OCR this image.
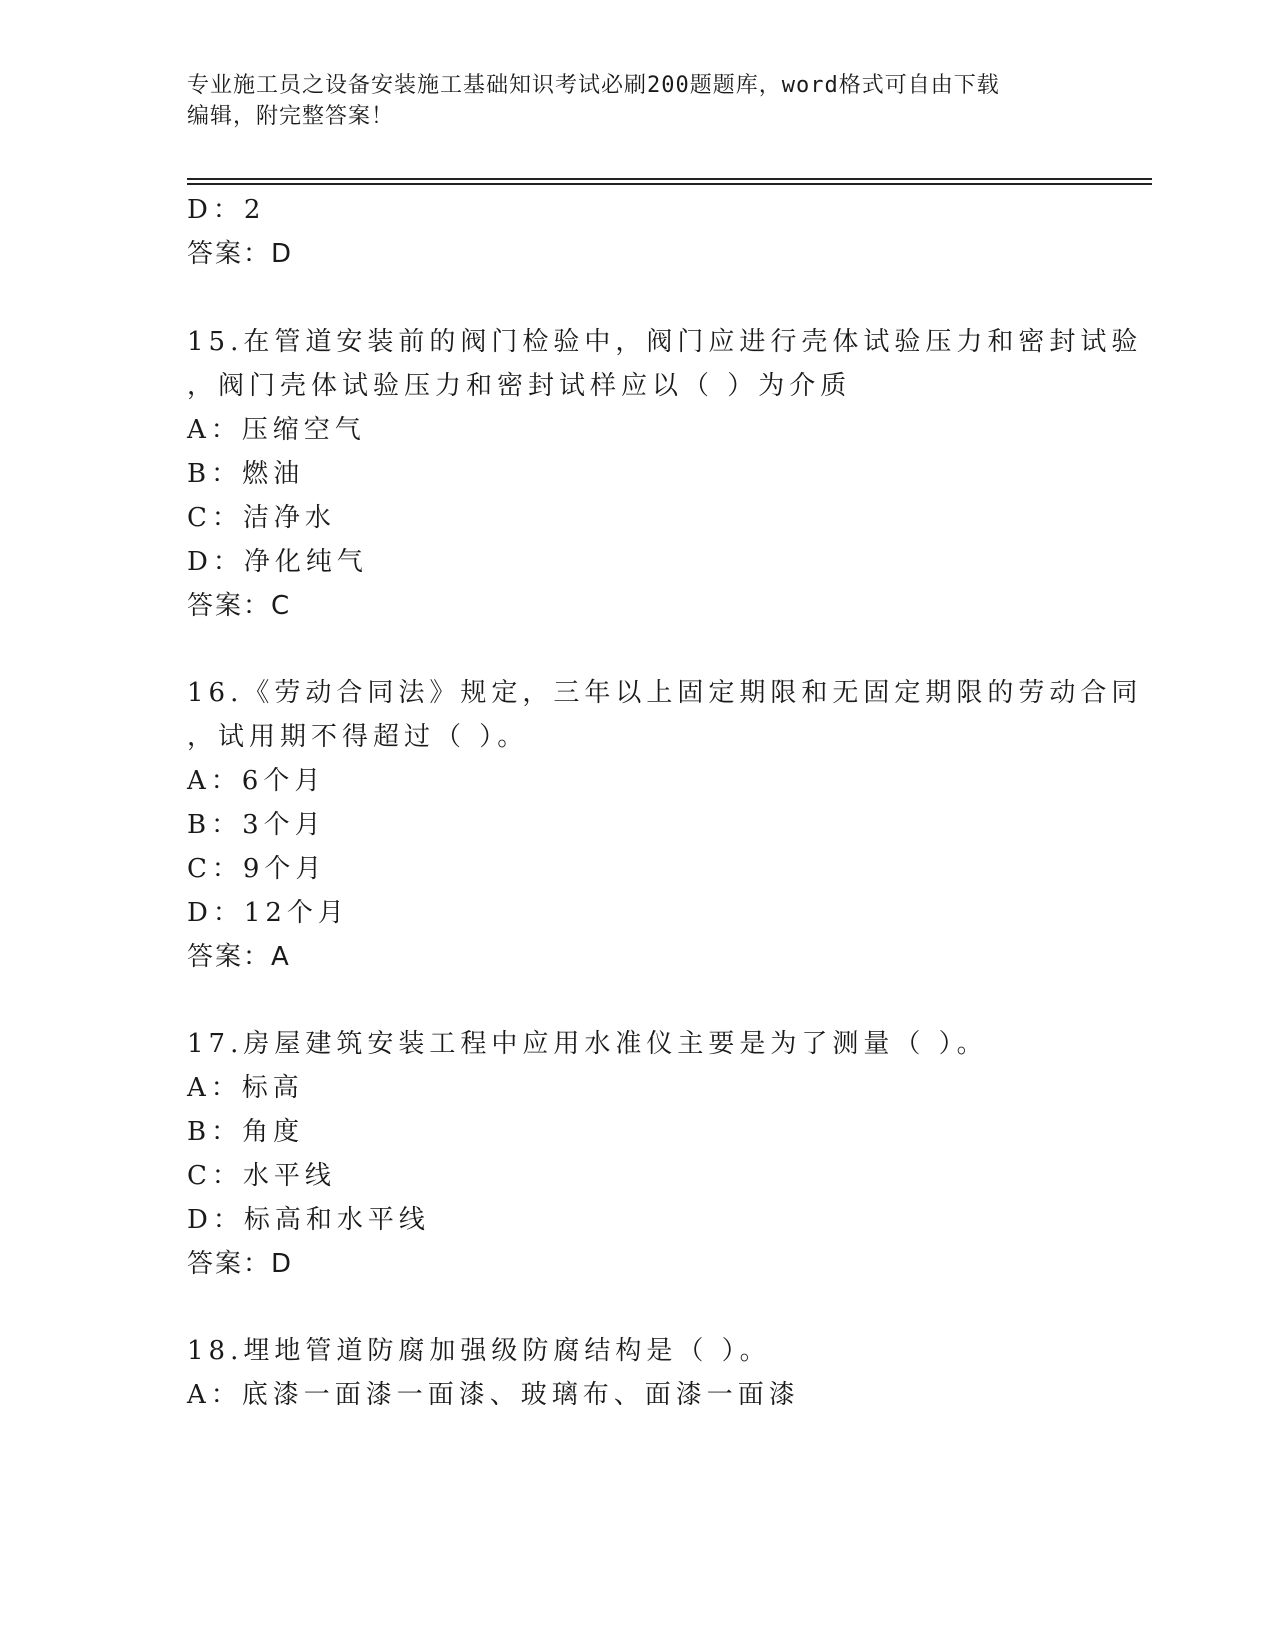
专业施工员之设备安装施工基础知识考试必刷200题题库，word格式可自由下载
编辑，附完整答案！
D：2
答案：D
15.在管道安装前的阀门检验中，阀门应进行壳体试验压力和密封试验
，阀门壳体试验压力和密封试样应以（ ）为介质
A：压缩空气
B：燃油
C：洁净水
D：净化纯气
答案：C
16.《劳动合同法》规定，三年以上固定期限和无固定期限的劳动合同
，试用期不得超过（ ）。
A：6个月
B：3个月
C：9个月
D：12个月
答案：A
17.房屋建筑安装工程中应用水准仪主要是为了测量（ ）。
A：标高
B：角度
C：水平线
D：标高和水平线
答案：D
18.埋地管道防腐加强级防腐结构是（ ）。
A：底漆一面漆一面漆、玻璃布、面漆一面漆
